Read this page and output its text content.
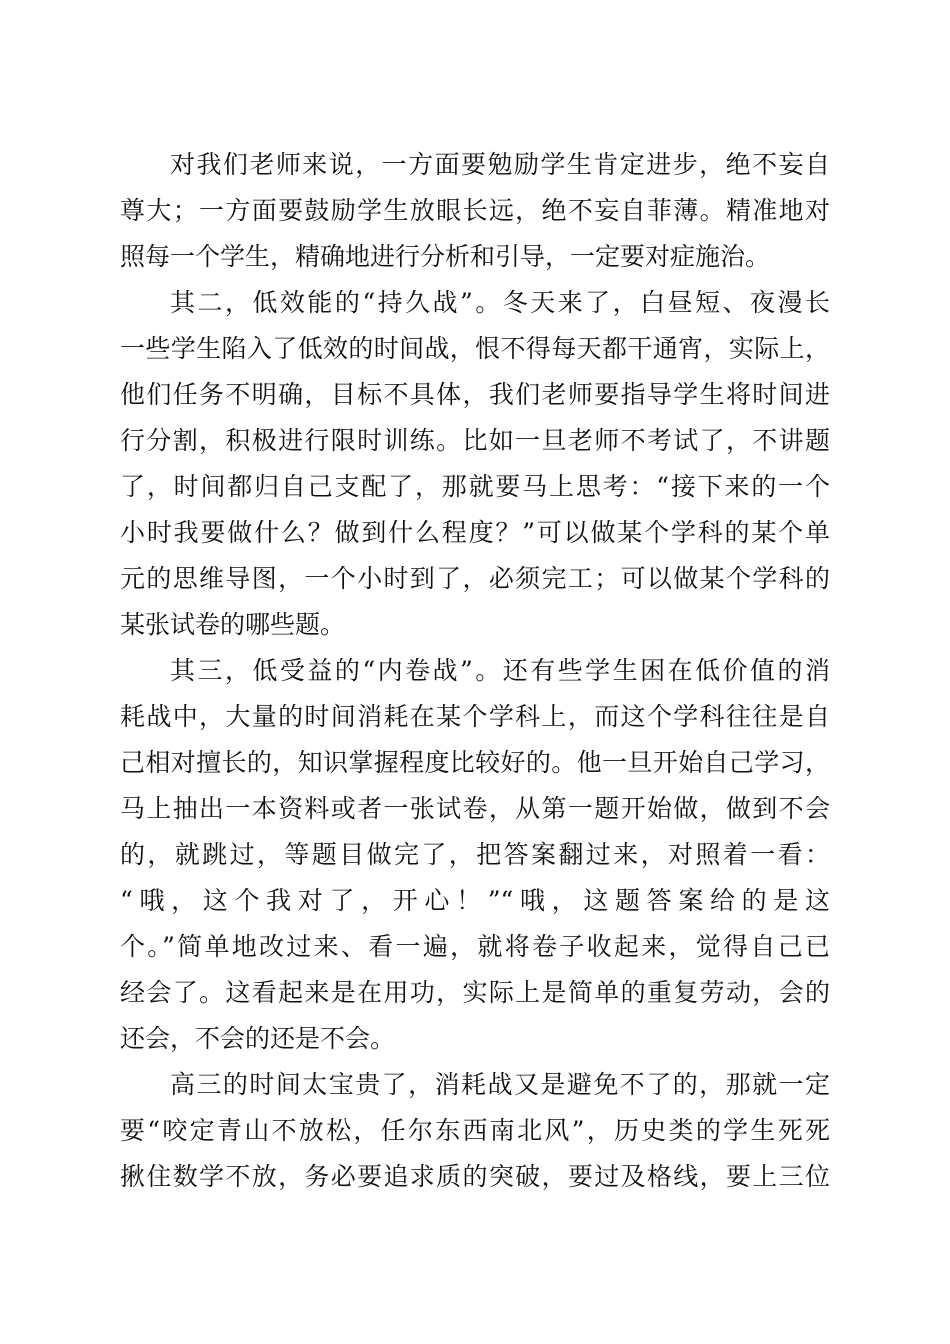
对我们老师来说，一方面要勉励学生肯定进步，绝不妄自
尊大；一方面要鼓励学生放眼长远，绝不妄自菲薄。精准地对
照每一个学生，精确地进行分析和引导，一定要对症施治。
其二，低效能的“持久战”。冬天来了，白昼短、夜漫长
一些学生陷入了低效的时间战，恨不得每天都干通宵，实际上，
他们任务不明确，目标不具体，我们老师要指导学生将时间进
行分割，积极进行限时训练。比如一旦老师不考试了，不讲题
了，时间都归自己支配了，那就要马上思考：“接下来的一个
小时我要做什么？做到什么程度？”可以做某个学科的某个单
元的思维导图，一个小时到了，必须完工；可以做某个学科的
某张试卷的哪些题。
其三，低受益的“内卷战”。还有些学生困在低价值的消
耗战中，大量的时间消耗在某个学科上，而这个学科往往是自
己相对擅长的，知识掌握程度比较好的。他一旦开始自己学习，
马上抽出一本资料或者一张试卷，从第一题开始做，做到不会
的，就跳过，等题目做完了，把答案翻过来，对照着一看：
“哦，这个我对了，开心！”“哦，这题答案给的是这
个。”简单地改过来、看一遍，就将卷子收起来，觉得自己已
经会了。这看起来是在用功，实际上是简单的重复劳动，会的
还会，不会的还是不会。
高三的时间太宝贵了，消耗战又是避免不了的，那就一定
要“咬定青山不放松，任尔东西南北风”，历史类的学生死死
揪住数学不放，务必要追求质的突破，要过及格线，要上三位
